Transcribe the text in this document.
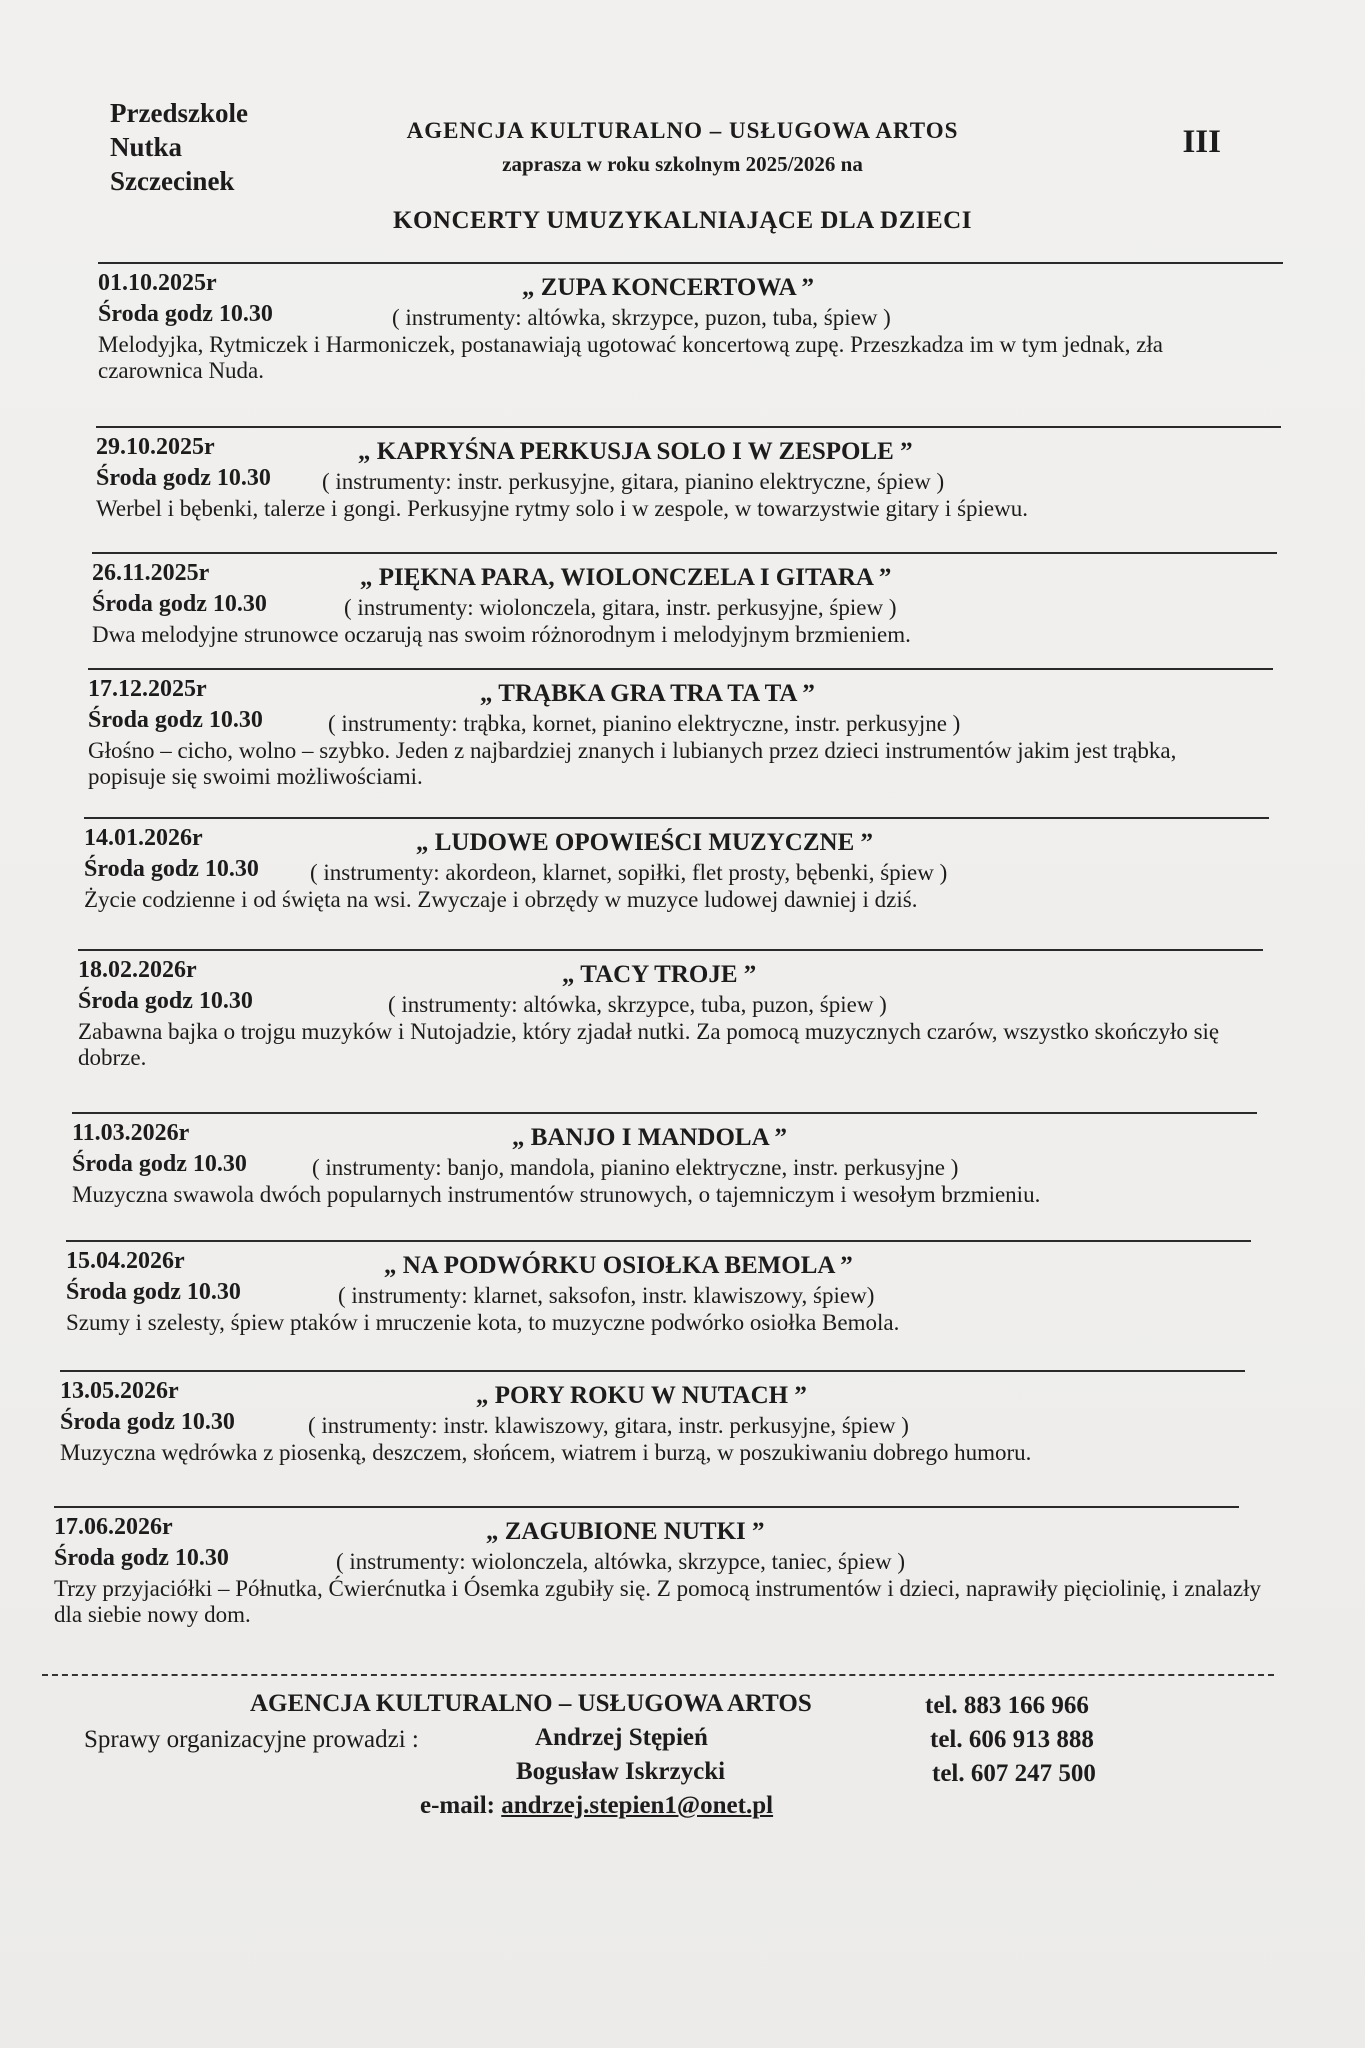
Przedszkole
Nutka
Szczecinek
III
AGENCJA KULTURALNO – USŁUGOWA ARTOS
zaprasza w roku szkolnym 2025/2026 na
KONCERTY UMUZYKALNIAJĄCE DLA DZIECI
01.10.2025r	„ ZUPA KONCERTOWA ”
Środa godz 10.30	( instrumenty: altówka, skrzypce, puzon, tuba, śpiew )
Melodyjka, Rytmiczek i Harmoniczek, postanawiają ugotować koncertową zupę. Przeszkadza im w tym jednak, zła czarownica Nuda.
29.10.2025r	„ KAPRYŚNA PERKUSJA SOLO I W ZESPOLE ”
Środa godz 10.30 ( instrumenty: instr. perkusyjne, gitara, pianino elektryczne, śpiew )
Werbel i bębenki, talerze i gongi. Perkusyjne rytmy solo i w zespole, w towarzystwie gitary i śpiewu.
26.11.2025r	„ PIĘKNA PARA, WIOLONCZELA I GITARA ”
Środa godz 10.30	( instrumenty: wiolonczela, gitara, instr. perkusyjne, śpiew )
Dwa melodyjne strunowce oczarują nas swoim różnorodnym i melodyjnym brzmieniem.
17.12.2025r	„ TRĄBKA GRA TRA TA TA ”
Środa godz 10.30	( instrumenty: trąbka, kornet, pianino elektryczne, instr. perkusyjne )
Głośno – cicho, wolno – szybko. Jeden z najbardziej znanych i lubianych przez dzieci instrumentów jakim jest trąbka, popisuje się swoimi możliwościami.
14.01.2026r	„ LUDOWE OPOWIEŚCI MUZYCZNE ”
Środa godz 10.30 ( instrumenty: akordeon, klarnet, sopiłki, flet prosty, bębenki, śpiew )
Życie codzienne i od święta na wsi. Zwyczaje i obrzędy w muzyce ludowej dawniej i dziś.
18.02.2026r	„ TACY TROJE ”
Środa godz 10.30	( instrumenty: altówka, skrzypce, tuba, puzon, śpiew )
Zabawna bajka o trojgu muzyków i Nutojadzie, który zjadał nutki. Za pomocą muzycznych czarów, wszystko skończyło się dobrze.
11.03.2026r	„ BANJO I MANDOLA ”
Środa godz 10.30	( instrumenty: banjo, mandola, pianino elektryczne, instr. perkusyjne )
Muzyczna swawola dwóch popularnych instrumentów strunowych, o tajemniczym i wesołym brzmieniu.
15.04.2026r	„ NA PODWÓRKU OSIOŁKA BEMOLA ”
Środa godz 10.30	( instrumenty: klarnet, saksofon, instr. klawiszowy, śpiew)
Szumy i szelesty, śpiew ptaków i mruczenie kota, to muzyczne podwórko osiołka Bemola.
13.05.2026r	„ PORY ROKU W NUTACH ”
Środa godz 10.30	( instrumenty: instr. klawiszowy, gitara, instr. perkusyjne, śpiew )
Muzyczna wędrówka z piosenką, deszczem, słońcem, wiatrem i burzą, w poszukiwaniu dobrego humoru.
17.06.2026r	„ ZAGUBIONE NUTKI ”
Środa godz 10.30	( instrumenty: wiolonczela, altówka, skrzypce, taniec, śpiew )
Trzy przyjaciółki – Półnutka, Ćwierćnutka i Ósemka zgubiły się. Z pomocą instrumentów i dzieci, naprawiły pięciolinię, i znalazły dla siebie nowy dom.
AGENCJA KULTURALNO – USŁUGOWA ARTOS	tel. 883 166 966
Sprawy organizacyjne prowadzi :	Andrzej Stępień	tel. 606 913 888
Bogusław Iskrzycki	tel. 607 247 500
e-mail: andrzej.stepien1@onet.pl
